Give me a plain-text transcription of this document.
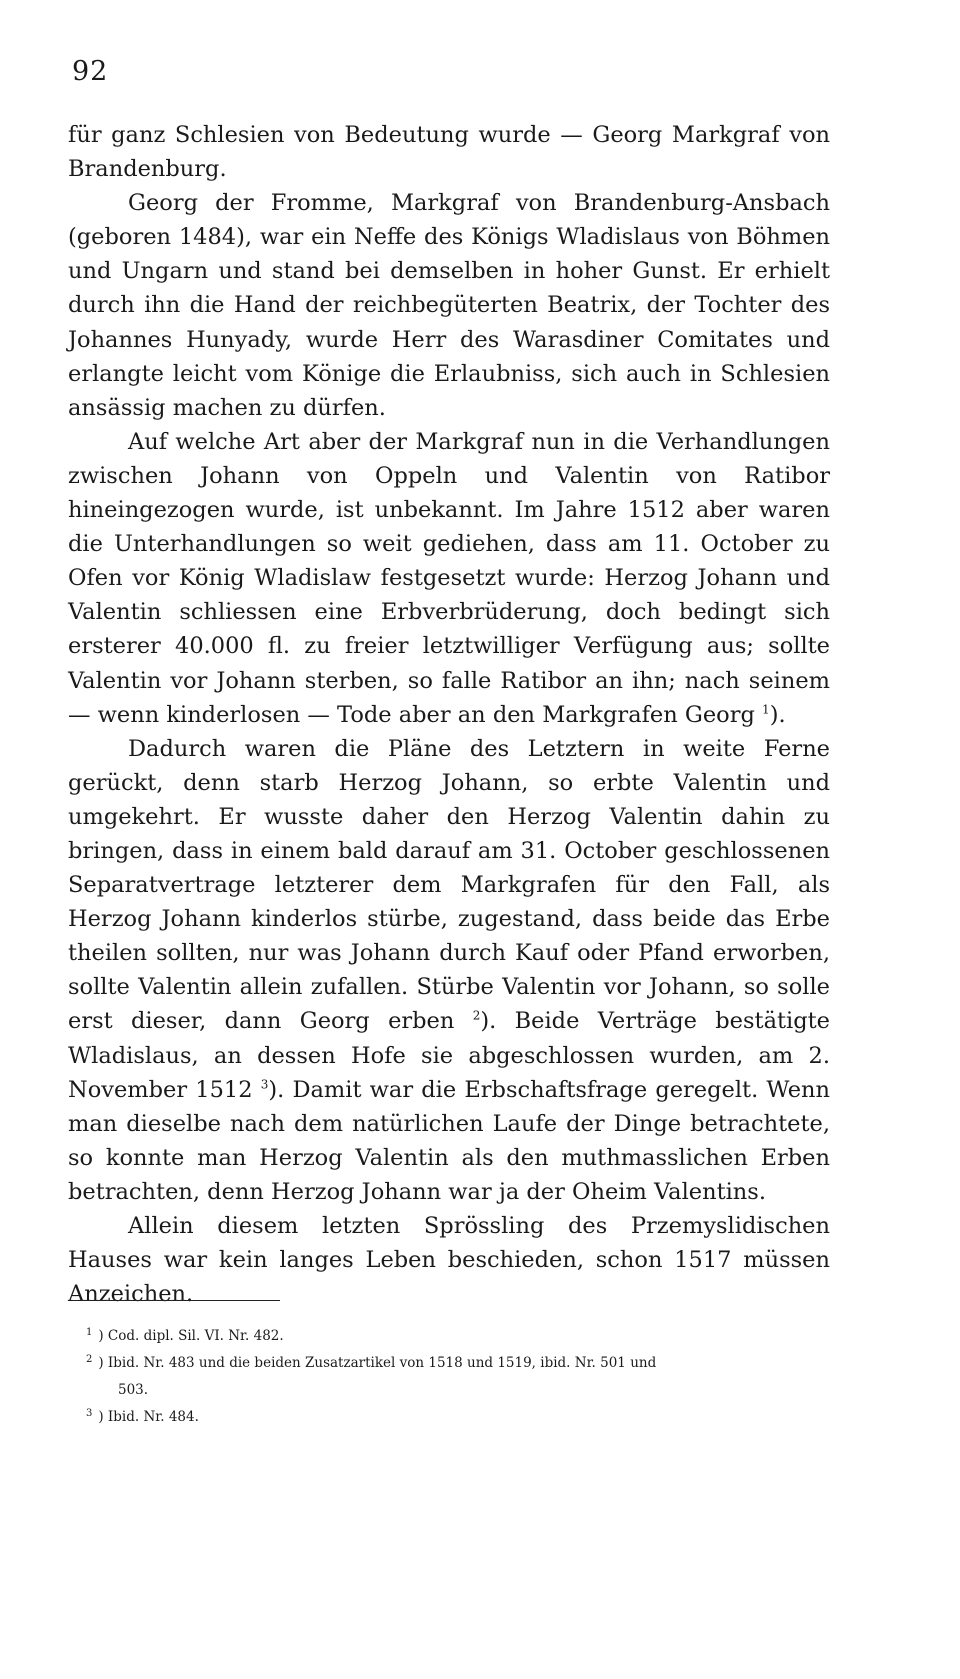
92

für ganz Schlesien von Bedeutung wurde — Georg Markgraf von Brandenburg.

Georg der Fromme, Markgraf von Brandenburg-Ansbach (geboren 1484), war ein Neffe des Königs Wladislaus von Böhmen und Ungarn und stand bei demselben in hoher Gunst. Er erhielt durch ihn die Hand der reichbegüterten Beatrix, der Tochter des Johannes Hunyady, wurde Herr des Warasdiner Comitates und erlangte leicht vom Könige die Erlaubniss, sich auch in Schlesien ansässig machen zu dürfen.

Auf welche Art aber der Markgraf nun in die Verhandlungen zwischen Johann von Oppeln und Valentin von Ratibor hineingezogen wurde, ist unbekannt. Im Jahre 1512 aber waren die Unterhandlungen so weit gediehen, dass am 11. October zu Ofen vor König Wladislaw festgesetzt wurde: Herzog Johann und Valentin schliessen eine Erbverbrüderung, doch bedingt sich ersterer 40.000 fl. zu freier letztwilliger Verfügung aus; sollte Valentin vor Johann sterben, so falle Ratibor an ihn; nach seinem — wenn kinderlosen — Tode aber an den Markgrafen Georg $^1$).

Dadurch waren die Pläne des Letztern in weite Ferne gerückt, denn starb Herzog Johann, so erbte Valentin und umgekehrt. Er wusste daher den Herzog Valentin dahin zu bringen, dass in einem bald darauf am 31. October geschlossenen Separatvertrage letzterer dem Markgrafen für den Fall, als Herzog Johann kinderlos stürbe, zugestand, dass beide das Erbe theilen sollten, nur was Johann durch Kauf oder Pfand erworben, sollte Valentin allein zufallen. Stürbe Valentin vor Johann, so solle erst dieser, dann Georg erben $^2$). Beide Verträge bestätigte Wladislaus, an dessen Hofe sie abgeschlossen wurden, am 2. November 1512 $^3$). Damit war die Erbschaftsfrage geregelt. Wenn man dieselbe nach dem natürlichen Laufe der Dinge betrachtete, so konnte man Herzog Valentin als den muthmasslichen Erben betrachten, denn Herzog Johann war ja der Oheim Valentins.

Allein diesem letzten Sprössling des Przemyslidischen Hauses war kein langes Leben beschieden, schon 1517 müssen Anzeichen.

$^1$ ) Cod. dipl. Sil. VI. Nr. 482.

$^2$ ) Ibid. Nr. 483 und die beiden Zusatzartikel von 1518 und 1519, ibid. Nr. 501 und

503.

$^3$ ) Ibid. Nr. 484.
